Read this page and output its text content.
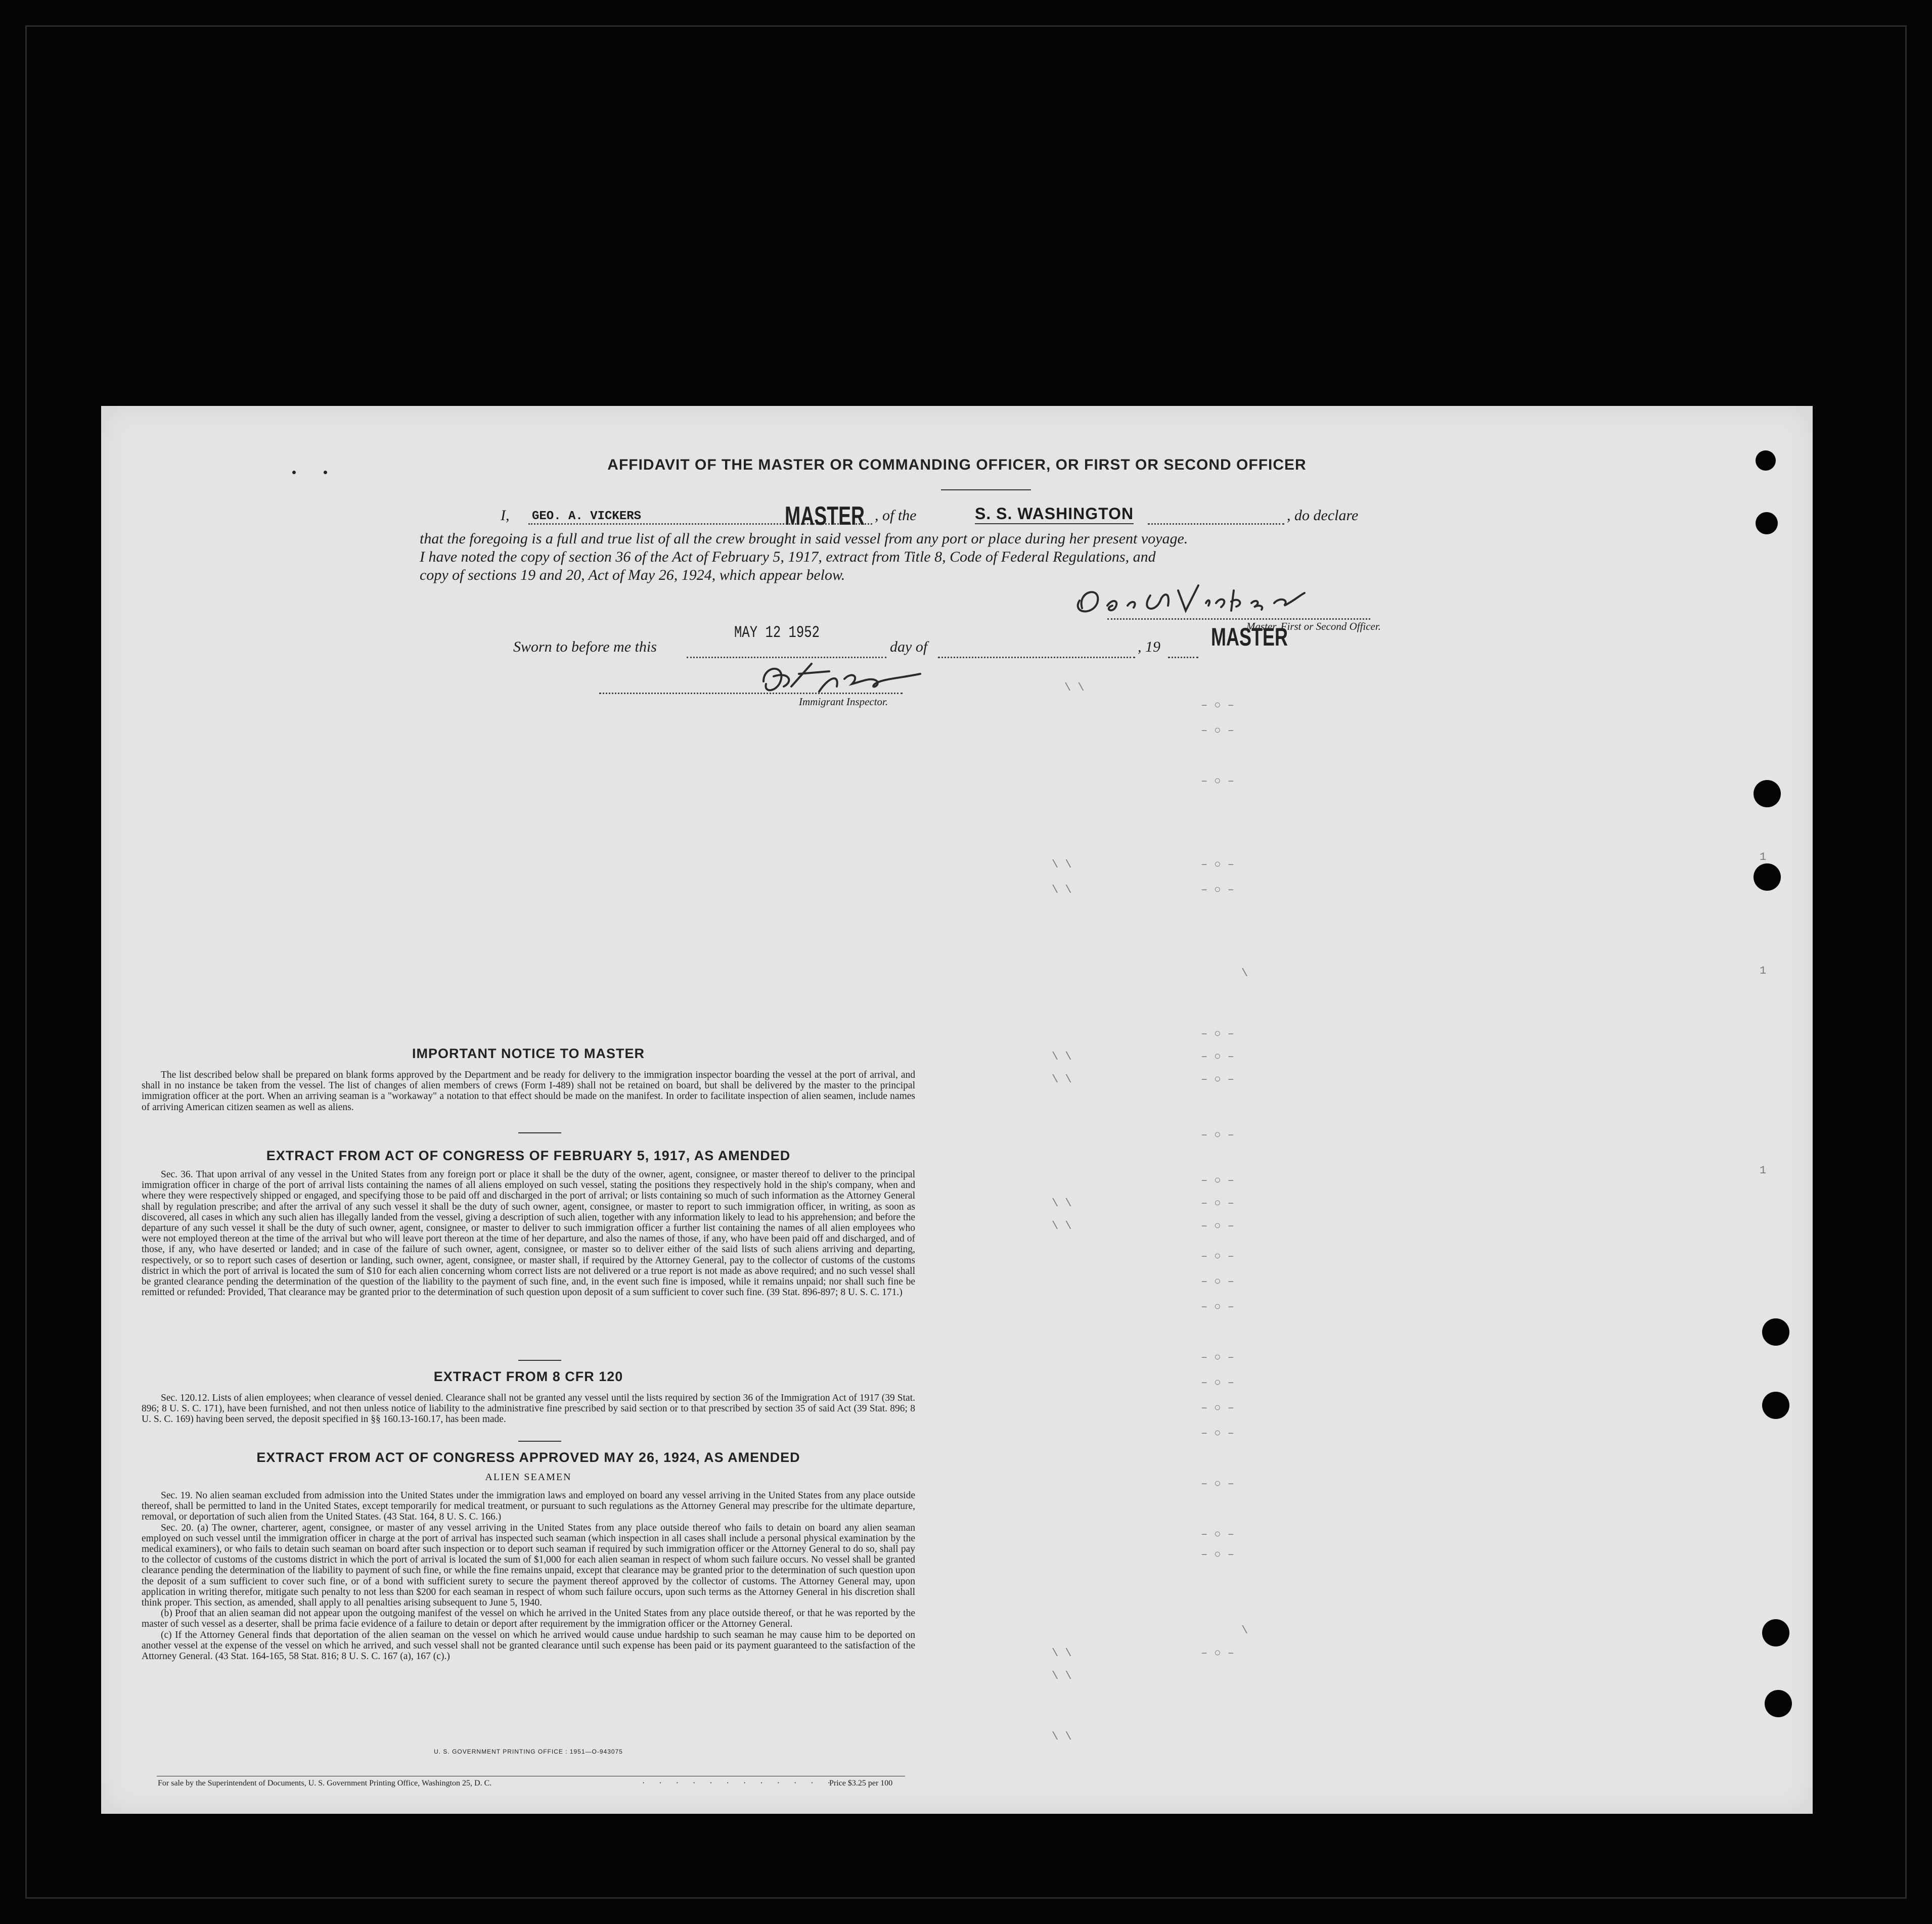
AFFIDAVIT OF THE MASTER OR COMMANDING OFFICER, OR FIRST OR SECOND OFFICER
I, GEO. A. VICKERS	MASTER , of the	S. S. WASHINGTON	, do declare
that the foregoing is a full and true list of all the crew brought in said vessel from any port or place during her present voyage.
I have noted the copy of section 36 of the Act of February 5, 1917, extract from Title 8, Code of Federal Regulations, and
copy of sections 19 and 20, Act of May 26, 1924, which appear below.
Master, First or Second Officer.
MASTER
Sworn to before me this
MAY 12 1952
day of	, 19
Immigrant Inspector.
\ \
– ○ –
– ○ –
– ○ –
\ \	– ○ –
\ \	– ○ –
\
– ○ –
\ \	– ○ –
\ \	– ○ –
– ○ –
– ○ –
\ \	– ○ –
\ \	– ○ –
– ○ –
– ○ –
– ○ –
– ○ –
– ○ –
– ○ –
– ○ –
– ○ –
– ○ –
– ○ –
\
\ \	– ○ –
\ \
\ \
1
1
1
IMPORTANT NOTICE TO MASTER

The list described below shall be prepared on blank forms approved by the Department and be ready for delivery to the immigration inspector boarding the vessel at the port of arrival, and shall in no instance be taken from the vessel. The list of changes of alien members of crews (Form I-489) shall not be retained on board, but shall be delivered by the master to the principal immigration officer at the port. When an arriving seaman is a "workaway" a notation to that effect should be made on the manifest. In order to facilitate inspection of alien seamen, include names of arriving American citizen seamen as well as aliens.

EXTRACT FROM ACT OF CONGRESS OF FEBRUARY 5, 1917, AS AMENDED

Sec. 36. That upon arrival of any vessel in the United States from any foreign port or place it shall be the duty of the owner, agent, consignee, or master thereof to deliver to the principal immigration officer in charge of the port of arrival lists containing the names of all aliens employed on such vessel, stating the positions they respectively hold in the ship's company, when and where they were respectively shipped or engaged, and specifying those to be paid off and discharged in the port of arrival; or lists containing so much of such information as the Attorney General shall by regulation prescribe; and after the arrival of any such vessel it shall be the duty of such owner, agent, consignee, or master to report to such immigration officer, in writing, as soon as discovered, all cases in which any such alien has illegally landed from the vessel, giving a description of such alien, together with any information likely to lead to his apprehension; and before the departure of any such vessel it shall be the duty of such owner, agent, consignee, or master to deliver to such immigration officer a further list containing the names of all alien employees who were not employed thereon at the time of the arrival but who will leave port thereon at the time of her departure, and also the names of those, if any, who have been paid off and discharged, and of those, if any, who have deserted or landed; and in case of the failure of such owner, agent, consignee, or master so to deliver either of the said lists of such aliens arriving and departing, respectively, or so to report such cases of desertion or landing, such owner, agent, consignee, or master shall, if required by the Attorney General, pay to the collector of customs of the customs district in which the port of arrival is located the sum of $10 for each alien concerning whom correct lists are not delivered or a true report is not made as above required; and no such vessel shall be granted clearance pending the determination of the question of the liability to the payment of such fine, and, in the event such fine is imposed, while it remains unpaid; nor shall such fine be remitted or refunded: Provided, That clearance may be granted prior to the determination of such question upon deposit of a sum sufficient to cover such fine. (39 Stat. 896-897; 8 U. S. C. 171.)

EXTRACT FROM 8 CFR 120

Sec. 120.12. Lists of alien employees; when clearance of vessel denied. Clearance shall not be granted any vessel until the lists required by section 36 of the Immigration Act of 1917 (39 Stat. 896; 8 U. S. C. 171), have been furnished, and not then unless notice of liability to the administrative fine prescribed by said section or to that prescribed by section 35 of said Act (39 Stat. 896; 8 U. S. C. 169) having been served, the deposit specified in §§ 160.13-160.17, has been made.

EXTRACT FROM ACT OF CONGRESS APPROVED MAY 26, 1924, AS AMENDED
ALIEN SEAMEN

Sec. 19. No alien seaman excluded from admission into the United States under the immigration laws and employed on board any vessel arriving in the United States from any place outside thereof, shall be permitted to land in the United States, except temporarily for medical treatment, or pursuant to such regulations as the Attorney General may prescribe for the ultimate departure, removal, or deportation of such alien from the United States. (43 Stat. 164, 8 U. S. C. 166.)

Sec. 20. (a) The owner, charterer, agent, consignee, or master of any vessel arriving in the United States from any place outside thereof who fails to detain on board any alien seaman employed on such vessel until the immigration officer in charge at the port of arrival has inspected such seaman (which inspection in all cases shall include a personal physical examination by the medical examiners), or who fails to detain such seaman on board after such inspection or to deport such seaman if required by such immigration officer or the Attorney General to do so, shall pay to the collector of customs of the customs district in which the port of arrival is located the sum of $1,000 for each alien seaman in respect of whom such failure occurs. No vessel shall be granted clearance pending the determination of the liability to payment of such fine, or while the fine remains unpaid, except that clearance may be granted prior to the determination of such question upon the deposit of a sum sufficient to cover such fine, or of a bond with sufficient surety to secure the payment thereof approved by the collector of customs. The Attorney General may, upon application in writing therefor, mitigate such penalty to not less than $200 for each seaman in respect of whom such failure occurs, upon such terms as the Attorney General in his discretion shall think proper. This section, as amended, shall apply to all penalties arising subsequent to June 5, 1940.

(b) Proof that an alien seaman did not appear upon the outgoing manifest of the vessel on which he arrived in the United States from any place outside thereof, or that he was reported by the master of such vessel as a deserter, shall be prima facie evidence of a failure to detain or deport after requirement by the immigration officer or the Attorney General.

(c) If the Attorney General finds that deportation of the alien seaman on the vessel on which he arrived would cause undue hardship to such seaman he may cause him to be deported on another vessel at the expense of the vessel on which he arrived, and such vessel shall not be granted clearance until such expense has been paid or its payment guaranteed to the satisfaction of the Attorney General. (43 Stat. 164-165, 58 Stat. 816; 8 U. S. C. 167 (a), 167 (c).)

U. S. GOVERNMENT PRINTING OFFICE : 1951—O-943075
For sale by the Superintendent of Documents, U. S. Government Printing Office, Washington 25, D. C.	· · · · · · · · · · · ·
Price $3.25 per 100
